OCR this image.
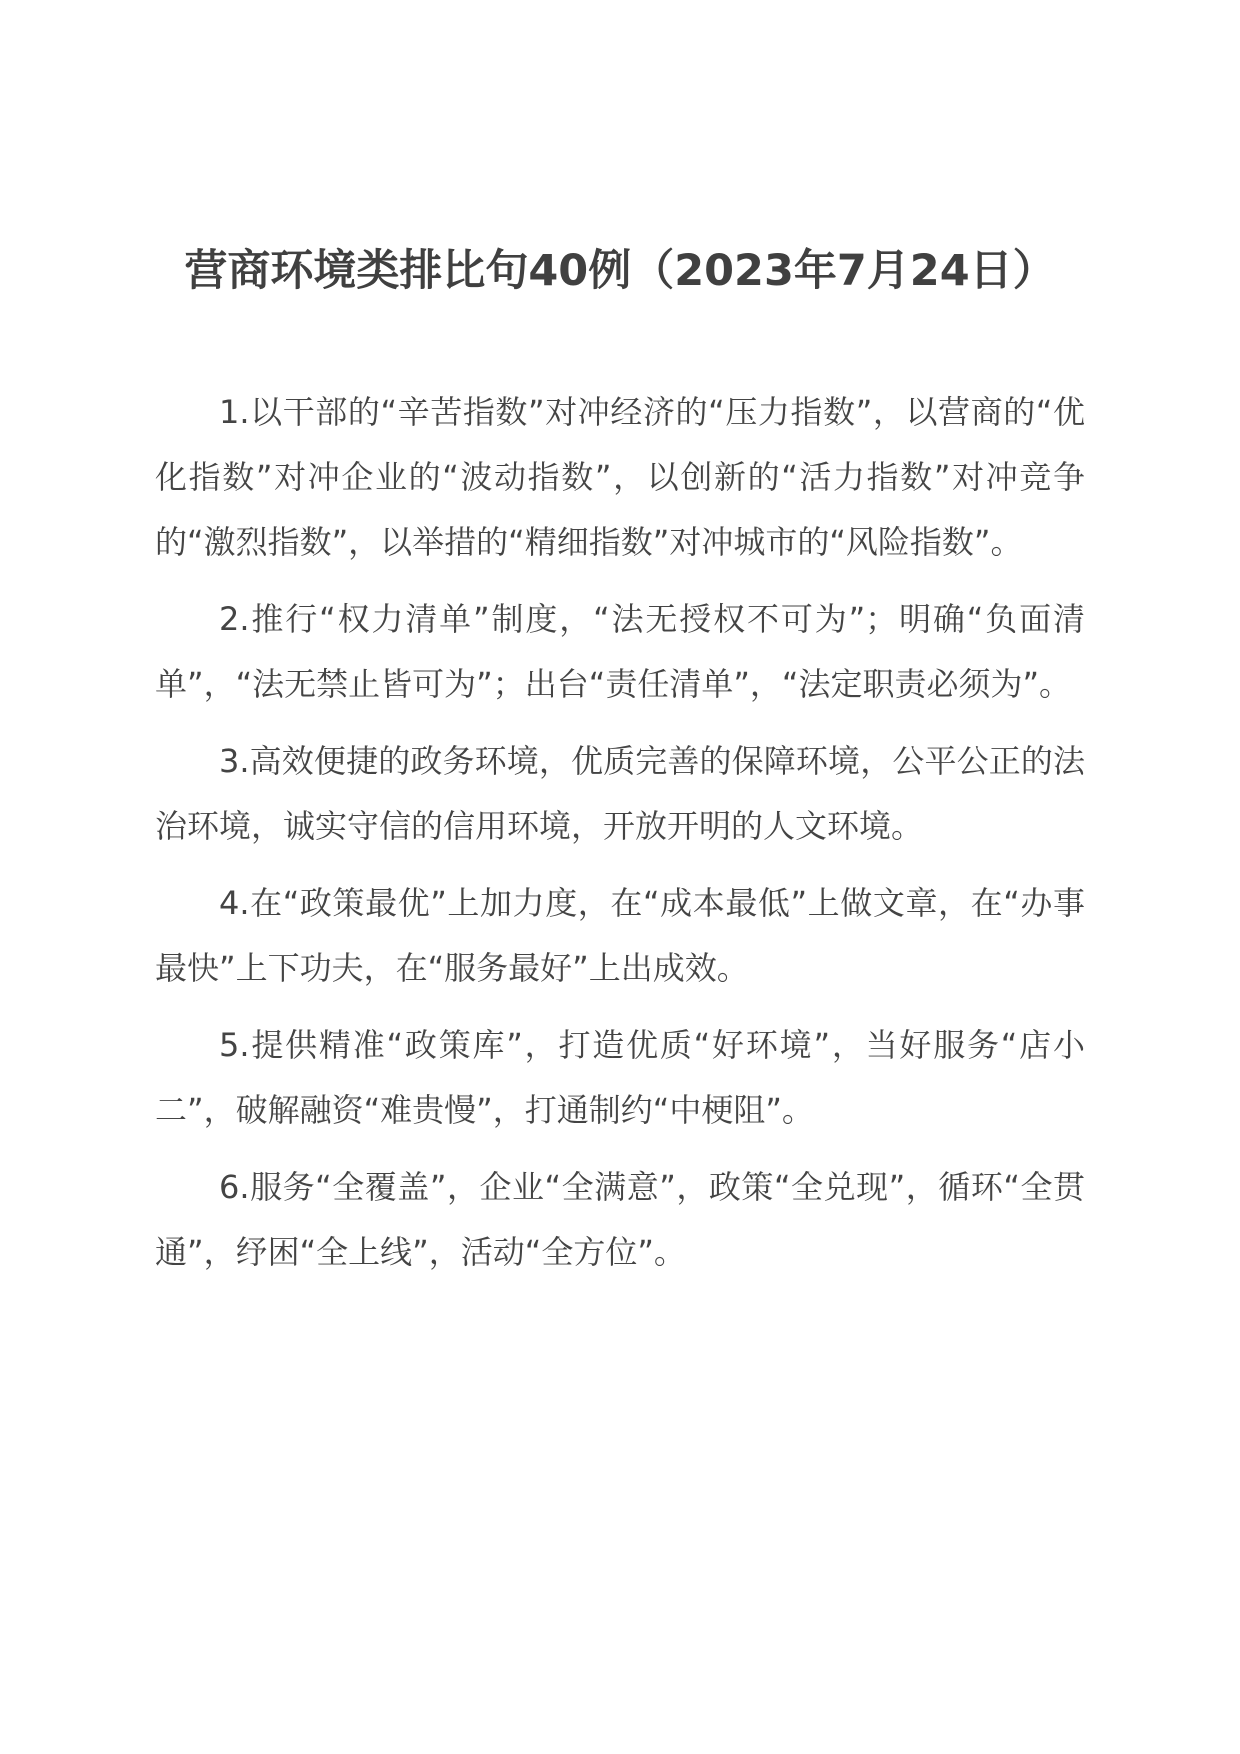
营商环境类排比句40例（2023年7月24日）

1.以干部的“辛苦指数”对冲经济的“压力指数”，以营商的“优化指数”对冲企业的“波动指数”，以创新的“活力指数”对冲竞争的“激烈指数”，以举措的“精细指数”对冲城市的“风险指数”。

2.推行“权力清单”制度，“法无授权不可为”；明确“负面清单”，“法无禁止皆可为”；出台“责任清单”，“法定职责必须为”。

3.高效便捷的政务环境，优质完善的保障环境，公平公正的法治环境，诚实守信的信用环境，开放开明的人文环境。

4.在“政策最优”上加力度，在“成本最低”上做文章，在“办事最快”上下功夫，在“服务最好”上出成效。

5.提供精准“政策库”，打造优质“好环境”，当好服务“店小二”，破解融资“难贵慢”，打通制约“中梗阻”。

6.服务“全覆盖”，企业“全满意”，政策“全兑现”，循环“全贯通”，纾困“全上线”，活动“全方位”。
